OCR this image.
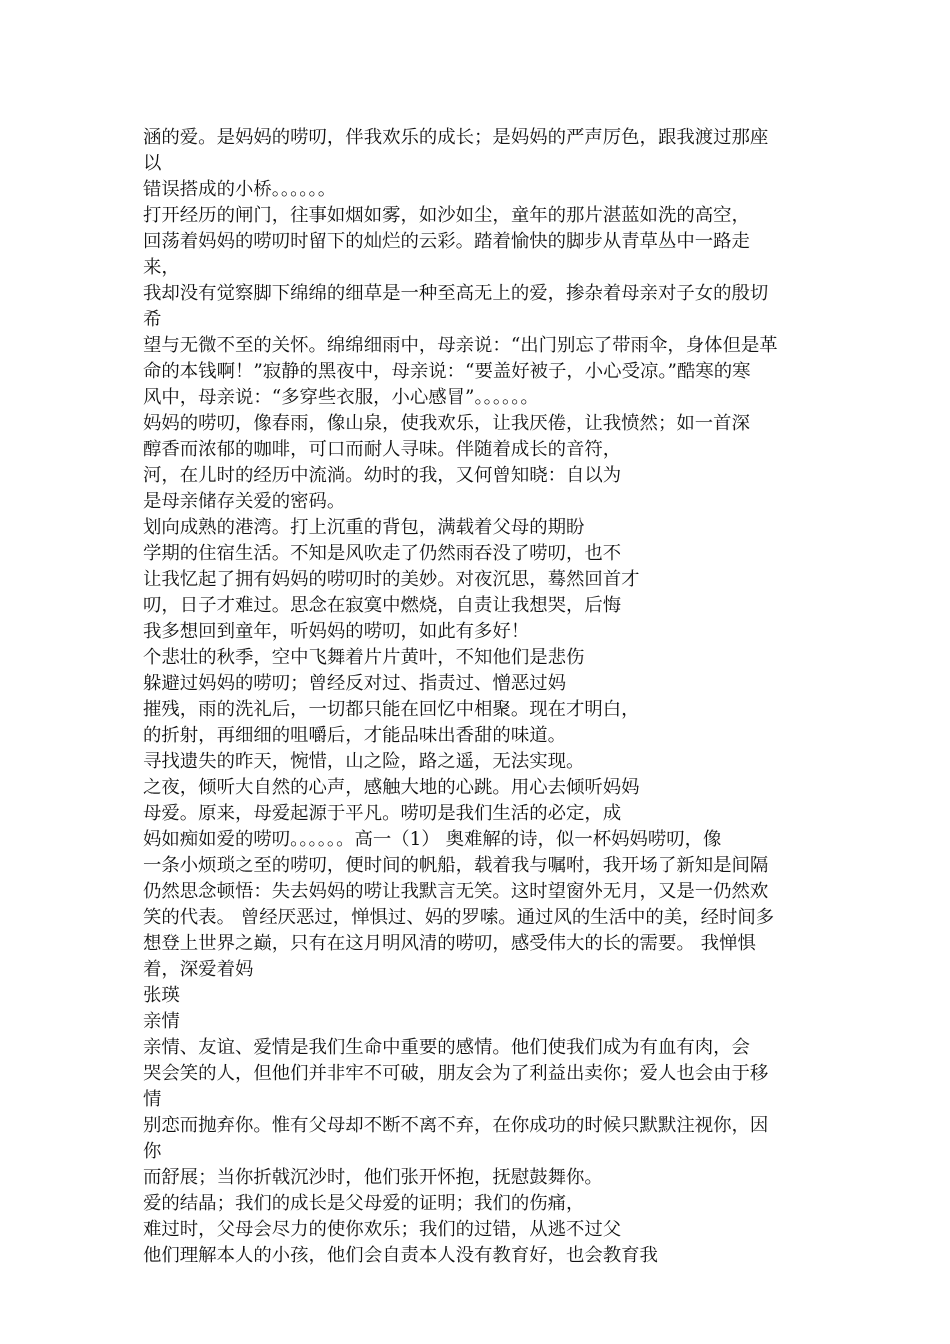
涵的爱。是妈妈的唠叨，伴我欢乐的成长；是妈妈的严声厉色，跟我渡过那座
以
错误搭成的小桥。。。。。。
打开经历的闸门，往事如烟如雾，如沙如尘，童年的那片湛蓝如洗的高空，
回荡着妈妈的唠叨时留下的灿烂的云彩。踏着愉快的脚步从青草丛中一路走
来，
我却没有觉察脚下绵绵的细草是一种至高无上的爱，掺杂着母亲对子女的殷切
希
望与无微不至的关怀。绵绵细雨中，母亲说：“出门别忘了带雨伞，身体但是革
命的本钱啊！”寂静的黑夜中，母亲说：“要盖好被子，小心受凉。”酷寒的寒
风中，母亲说：“多穿些衣服，小心感冒”。。。。。。
妈妈的唠叨，像春雨，像山泉，使我欢乐，让我厌倦，让我愤然；如一首深
醇香而浓郁的咖啡，可口而耐人寻味。伴随着成长的音符，
河，在儿时的经历中流淌。幼时的我，又何曾知晓：自以为
是母亲储存关爱的密码。
划向成熟的港湾。打上沉重的背包，满载着父母的期盼
学期的住宿生活。不知是风吹走了仍然雨吞没了唠叨，也不
让我忆起了拥有妈妈的唠叨时的美妙。对夜沉思，蓦然回首才
叨，日子才难过。思念在寂寞中燃烧，自责让我想哭，后悔
我多想回到童年，听妈妈的唠叨，如此有多好！
个悲壮的秋季，空中飞舞着片片黄叶，不知他们是悲伤
躲避过妈妈的唠叨；曾经反对过、指责过、憎恶过妈
摧残，雨的洗礼后，一切都只能在回忆中相聚。现在才明白，
的折射，再细细的咀嚼后，才能品味出香甜的味道。
寻找遗失的昨天，惋惜，山之险，路之遥，无法实现。
之夜，倾听大自然的心声，感触大地的心跳。用心去倾听妈妈
母爱。原来，母爱起源于平凡。唠叨是我们生活的必定，成
妈如痴如爱的唠叨。。。。。。高一（1） 奥难解的诗，似一杯妈妈唠叨，像
一条小烦琐之至的唠叨，便时间的帆船，载着我与嘱咐，我开场了新知是间隔
仍然思念顿悟：失去妈妈的唠让我默言无笑。这时望窗外无月，又是一仍然欢
笑的代表。 曾经厌恶过，惮惧过、妈的罗嗦。通过风的生活中的美，经时间多
想登上世界之巅，只有在这月明风清的唠叨，感受伟大的长的需要。 我惮惧
着，深爱着妈
张瑛
亲情
亲情、友谊、爱情是我们生命中重要的感情。他们使我们成为有血有肉，会
哭会笑的人，但他们并非牢不可破，朋友会为了利益出卖你；爱人也会由于移
情
别恋而抛弃你。惟有父母却不断不离不弃，在你成功的时候只默默注视你，因
你
而舒展；当你折戟沉沙时，他们张开怀抱，抚慰鼓舞你。
爱的结晶；我们的成长是父母爱的证明；我们的伤痛，
难过时，父母会尽力的使你欢乐；我们的过错，从逃不过父
他们理解本人的小孩，他们会自责本人没有教育好，也会教育我
